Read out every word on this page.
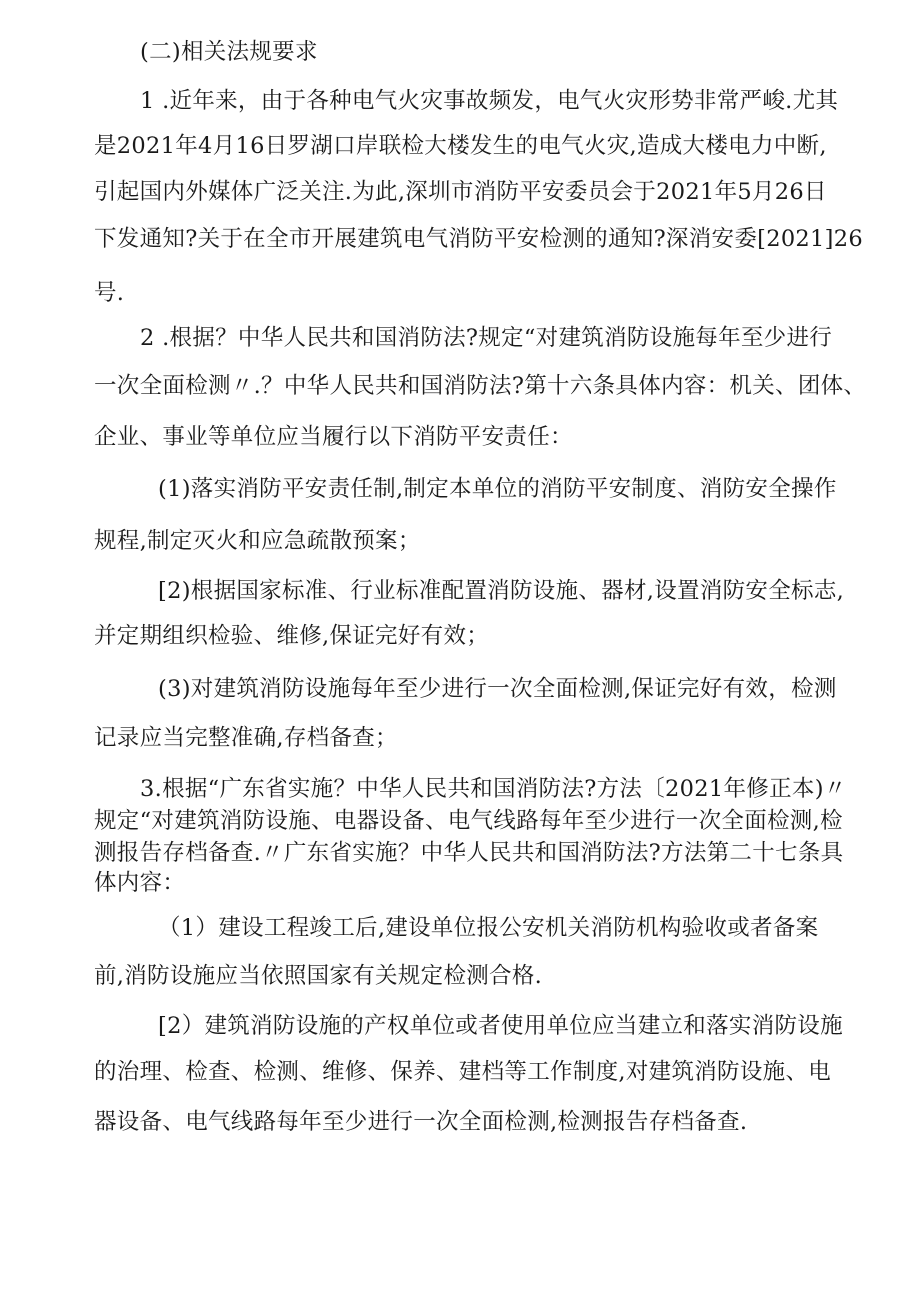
(二)相关法规要求
1 .近年来，由于各种电气火灾事故频发，电气火灾形势非常严峻.尤其
是2021年4月16日罗湖口岸联检大楼发生的电气火灾,造成大楼电力中断,
引起国内外媒体广泛关注.为此,深圳市消防平安委员会于2021年5月26日
下发通知?关于在全市开展建筑电气消防平安检测的通知?深消安委[2021]26
号.
2 .根据？中华人民共和国消防法?规定“对建筑消防设施每年至少进行
一次全面检测〃.？中华人民共和国消防法?第十六条具体内容：机关、团体、
企业、事业等单位应当履行以下消防平安责任：
(1)落实消防平安责任制,制定本单位的消防平安制度、消防安全操作
规程,制定灭火和应急疏散预案；
[2)根据国家标准、行业标准配置消防设施、器材,设置消防安全标志,
并定期组织检验、维修,保证完好有效；
(3)对建筑消防设施每年至少进行一次全面检测,保证完好有效，检测
记录应当完整准确,存档备查；
3.根据“广东省实施？中华人民共和国消防法?方法〔2021年修正本)〃
规定“对建筑消防设施、电器设备、电气线路每年至少进行一次全面检测,检
测报告存档备查.〃广东省实施？中华人民共和国消防法?方法第二十七条具
体内容：
（1）建设工程竣工后,建设单位报公安机关消防机构验收或者备案
前,消防设施应当依照国家有关规定检测合格.
[2）建筑消防设施的产权单位或者使用单位应当建立和落实消防设施
的治理、检查、检测、维修、保养、建档等工作制度,对建筑消防设施、电
器设备、电气线路每年至少进行一次全面检测,检测报告存档备查.
